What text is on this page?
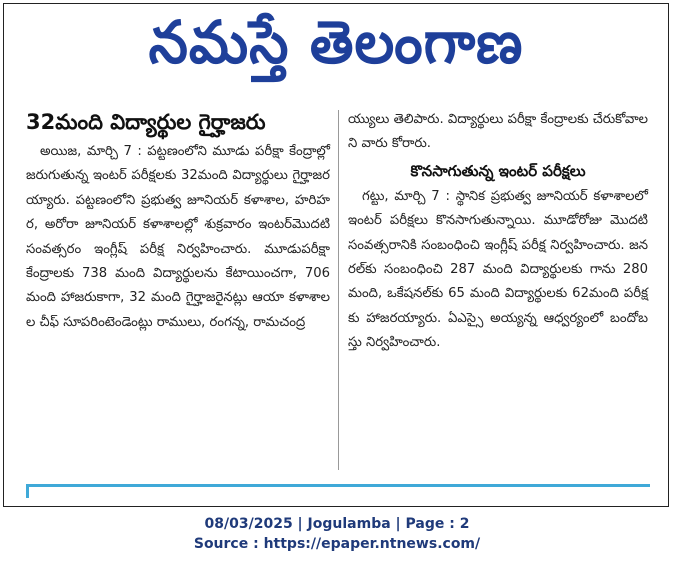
నమస్తే తెలంగాణ
32మంది విద్యార్థుల గైర్హాజరు

అయిజ, మార్చి 7 : పట్టణంలోని మూడు పరీక్షా కేంద్రాల్లో జరుగుతున్న ఇంటర్ పరీక్షలకు 32మంది విద్యార్థులు గైర్హాజరయ్యారు. పట్టణంలోని ప్రభుత్వ జూనియర్ కళాశాల, హరిహర, అరోరా జూనియర్ కళాశాలల్లో శుక్రవారం ఇంటర్‌మొదటి సంవత్సరం ఇంగ్లీష్ పరీక్ష నిర్వహించారు. మూడుపరీక్షా కేంద్రాలకు 738 మంది విద్యార్థులను కేటాయించగా, 706 మంది హాజరుకాగా, 32 మంది గైర్హాజరైనట్లు ఆయా కళాశాలల చీఫ్ సూపరింటెండెంట్లు రాములు, రంగన్న, రామచంద్ర

య్యులు తెలిపారు. విద్యార్థులు పరీక్షా కేంద్రాలకు చేరుకోవాలని వారు కోరారు.

కొనసాగుతున్న ఇంటర్ పరీక్షలు

గట్టు, మార్చి 7 : స్థానిక ప్రభుత్వ జూనియర్ కళాశాలలో ఇంటర్ పరీక్షలు కొనసాగుతున్నాయి. మూడోరోజు మొదటి సంవత్సరానికి సంబంధించి ఇంగ్లీష్ పరీక్ష నిర్వహించారు. జనరల్‌కు సంబంధించి 287 మంది విద్యార్థులకు గాను 280మంది, ఒకేషనల్‌కు 65 మంది విద్యార్థులకు 62మంది పరీక్షకు హాజరయ్యారు. ఏఎస్సై అయ్యన్న ఆధ్వర్యంలో బందోబస్తు నిర్వహించారు.

08/03/2025 | Jogulamba | Page : 2
Source : https://epaper.ntnews.com/
